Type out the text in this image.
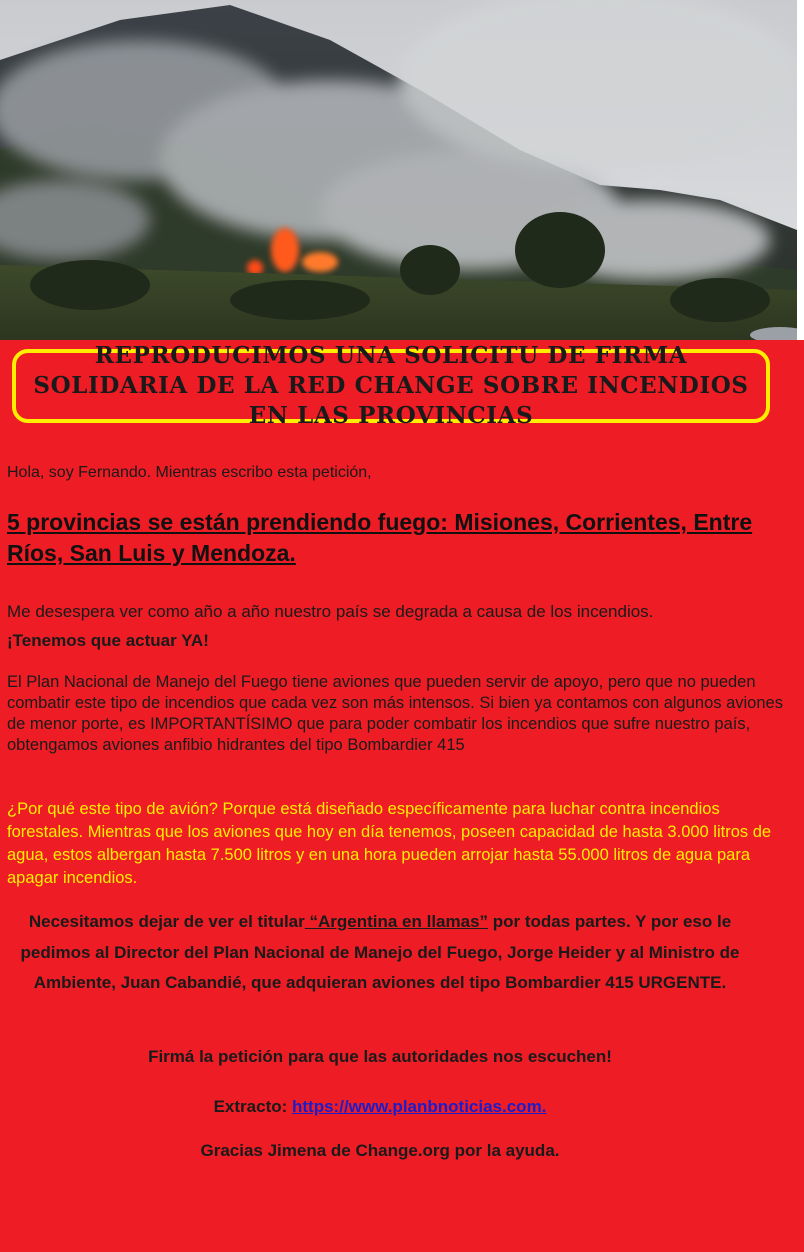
REPRODUCIMOS UNA SOLICITU DE FIRMA SOLIDARIA DE LA RED CHANGE SOBRE INCENDIOS EN LAS PROVINCIAS

Hola, soy Fernando. Mientras escribo esta petición,

5 provincias se están prendiendo fuego: Misiones, Corrientes, Entre Ríos, San Luis y Mendoza.

Me desespera ver como año a año nuestro país se degrada a causa de los incendios. ¡Tenemos que actuar YA!

El Plan Nacional de Manejo del Fuego tiene aviones que pueden servir de apoyo, pero que no pueden combatir este tipo de incendios que cada vez son más intensos. Si bien ya contamos con algunos aviones de menor porte, es IMPORTANTÍSIMO que para poder combatir los incendios que sufre nuestro país, obtengamos aviones anfibio hidrantes del tipo Bombardier 415

¿Por qué este tipo de avión? Porque está diseñado específicamente para luchar contra incendios forestales. Mientras que los aviones que hoy en día tenemos, poseen capacidad de hasta 3.000 litros de agua, estos albergan hasta 7.500 litros y en una hora pueden arrojar hasta 55.000 litros de agua para apagar incendios.

Necesitamos dejar de ver el titular “Argentina en llamas” por todas partes. Y por eso le pedimos al Director del Plan Nacional de Manejo del Fuego, Jorge Heider y al Ministro de Ambiente, Juan Cabandié, que adquieran aviones del tipo Bombardier 415 URGENTE.

Firmá la petición para que las autoridades nos escuchen!

Extracto: https://www.planbnoticias.com.

Gracias Jimena de Change.org por la ayuda.
